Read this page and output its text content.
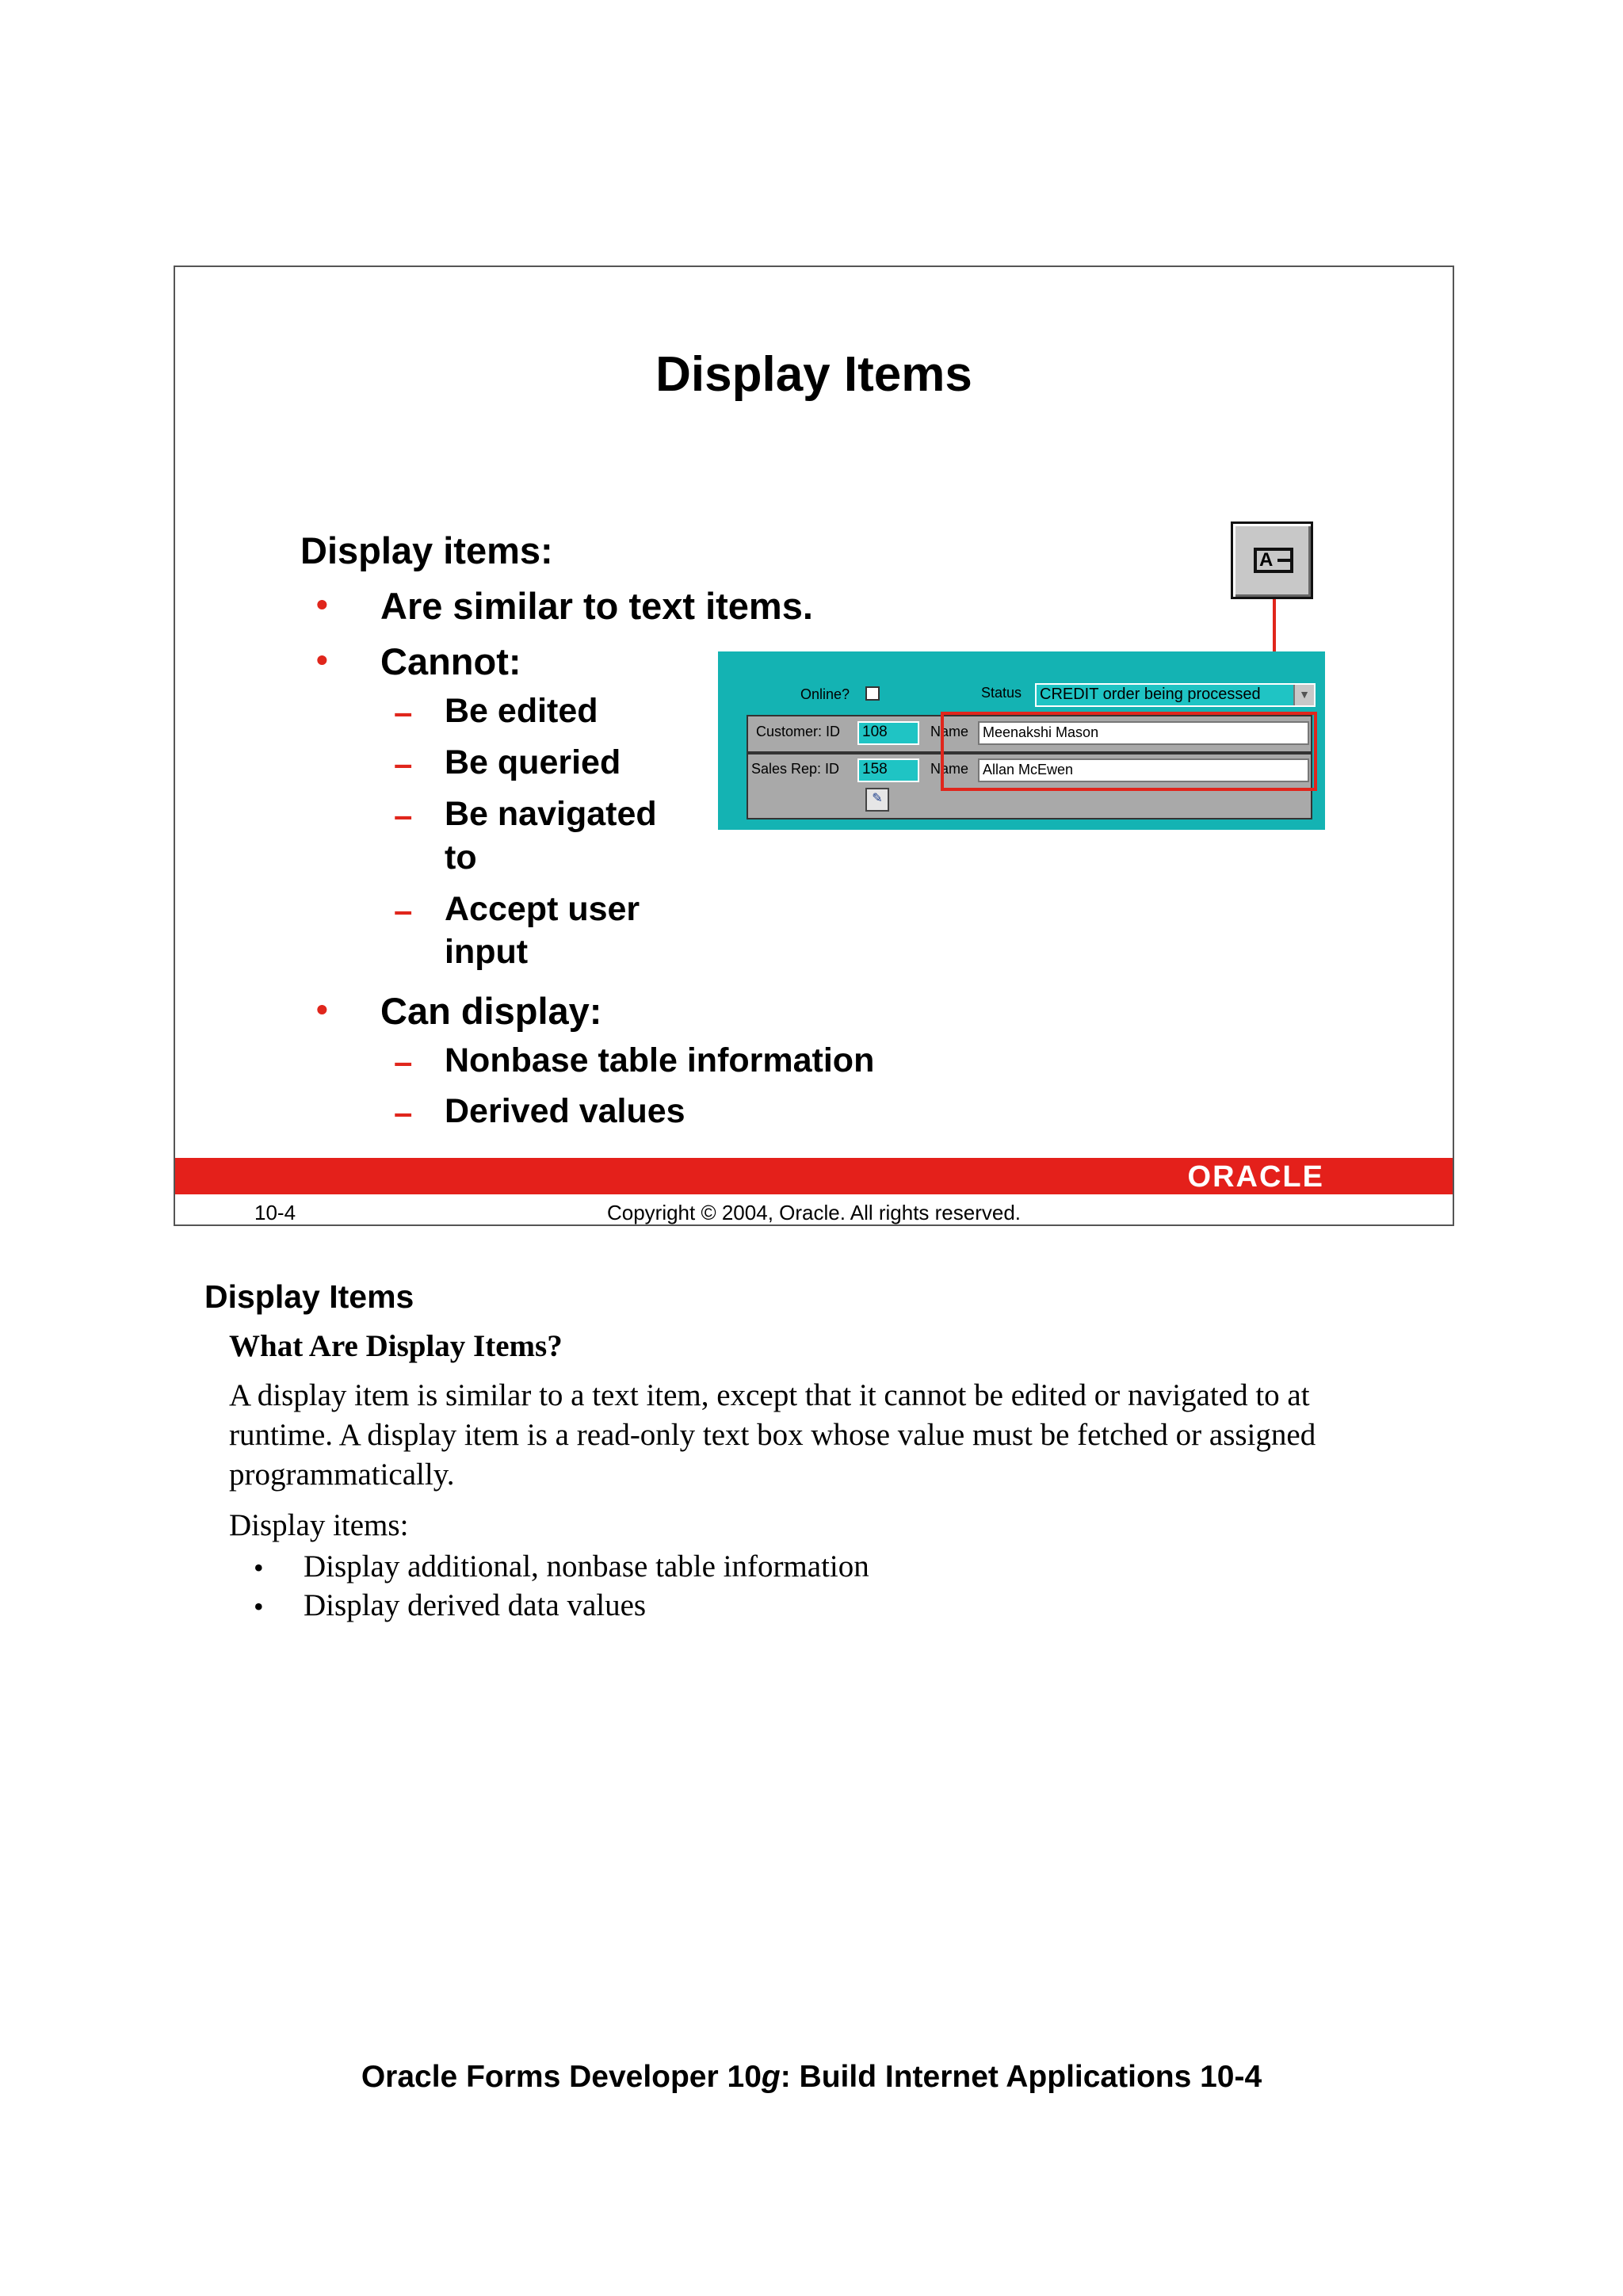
Display Items
Display items:
• Are similar to text items.
• Cannot:
– Be edited
– Be queried
– Be navigated
to
– Accept user
input
• Can display:
– Nonbase table information
– Derived values
ORACLE
10-4	Copyright © 2004, Oracle. All rights reserved.
A
Online?	Status	CREDIT order being processed	▼
Customer: ID	108	Name Meenakshi Mason
Sales Rep: ID	158	Name Allan McEwen
✎
Display Items
What Are Display Items?
A display item is similar to a text item, except that it cannot be edited or navigated to at
runtime. A display item is a read-only text box whose value must be fetched or assigned
programmatically.

Display items:

• Display additional, nonbase table information
• Display derived data values
Oracle Forms Developer 10g: Build Internet Applications 10-4
